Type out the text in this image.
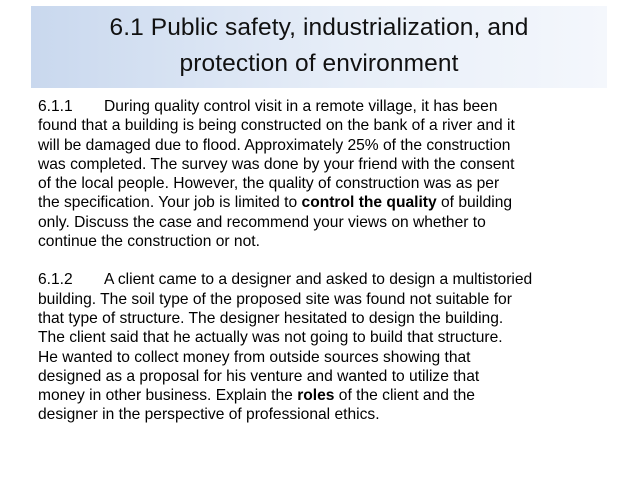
6.1 Public safety, industrialization, and
protection of environment

6.1.1 During quality control visit in a remote village, it has been
found that a building is being constructed on the bank of a river and it
will be damaged due to flood. Approximately 25% of the construction
was completed. The survey was done by your friend with the consent
of the local people. However, the quality of construction was as per
the specification. Your job is limited to control the quality of building
only. Discuss the case and recommend your views on whether to
continue the construction or not.

6.1.2 A client came to a designer and asked to design a multistoried
building. The soil type of the proposed site was found not suitable for
that type of structure. The designer hesitated to design the building.
The client said that he actually was not going to build that structure.
He wanted to collect money from outside sources showing that
designed as a proposal for his venture and wanted to utilize that
money in other business. Explain the roles of the client and the
designer in the perspective of professional ethics.
